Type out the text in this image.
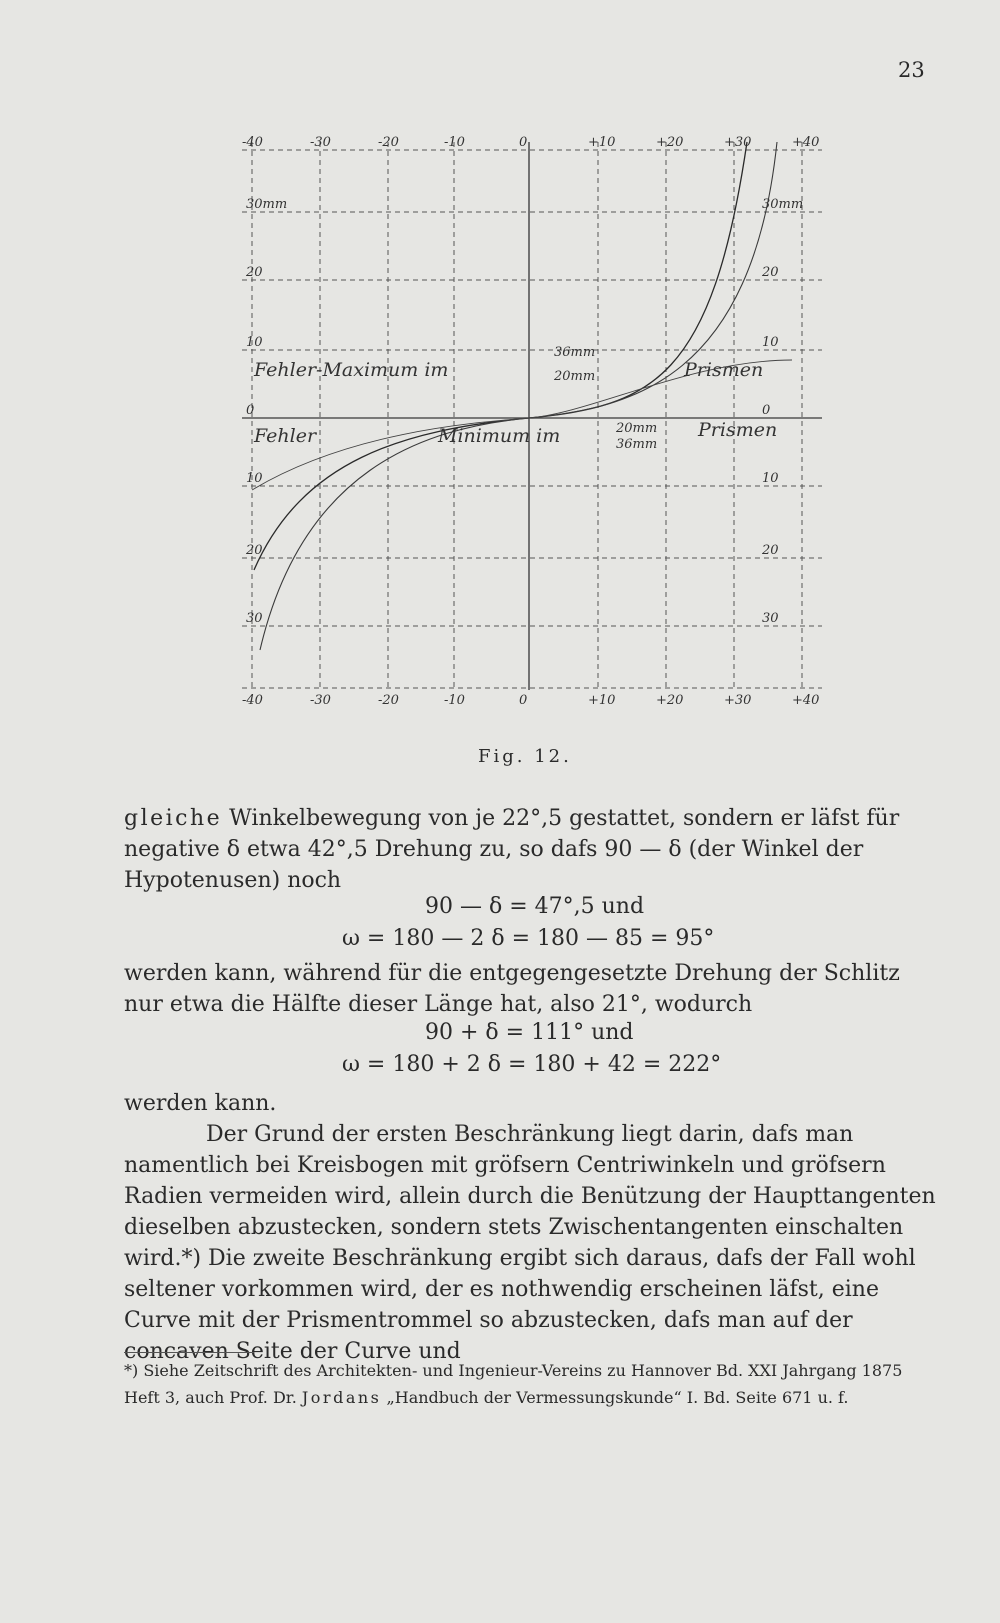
23
-40	-30	-20	-10	0	+10	+20	+30	+40
-40	-30	-20	-10	0	+10	+20	+30	+40
30mm
20
10
0
10
20
30
30mm
20
10
0
10
20
30
Fehler-Maximum im	Prismen
Fehler	Minimum im	Prismen
36mm
20mm
20mm
36mm
Fig. 12.
gleiche Winkelbewegung von je 22°,5 gestattet, sondern er läfst für negative δ etwa 42°,5 Drehung zu, so dafs 90 — δ (der Winkel der Hypotenusen) noch
90 — δ = 47°,5 und
ω = 180 — 2 δ = 180 — 85 = 95°
werden kann, während für die entgegengesetzte Drehung der Schlitz nur etwa die Hälfte dieser Länge hat, also 21°, wodurch
90 + δ = 111° und
ω = 180 + 2 δ = 180 + 42 = 222°
werden kann.
Der Grund der ersten Beschränkung liegt darin, dafs man namentlich bei Kreisbogen mit gröfsern Centriwinkeln und gröfsern Radien vermeiden wird, allein durch die Benützung der Haupttangenten dieselben abzustecken, sondern stets Zwischentangenten einschalten wird.*) Die zweite Beschränkung ergibt sich daraus, dafs der Fall wohl seltener vorkommen wird, der es nothwendig erscheinen läfst, eine Curve mit der Prismentrommel so abzustecken, dafs man auf der concaven Seite der Curve und
*) Siehe Zeitschrift des Architekten- und Ingenieur-Vereins zu Hannover Bd. XXI Jahrgang 1875 Heft 3, auch Prof. Dr. Jordans „Handbuch der Vermessungskunde“ I. Bd. Seite 671 u. f.
